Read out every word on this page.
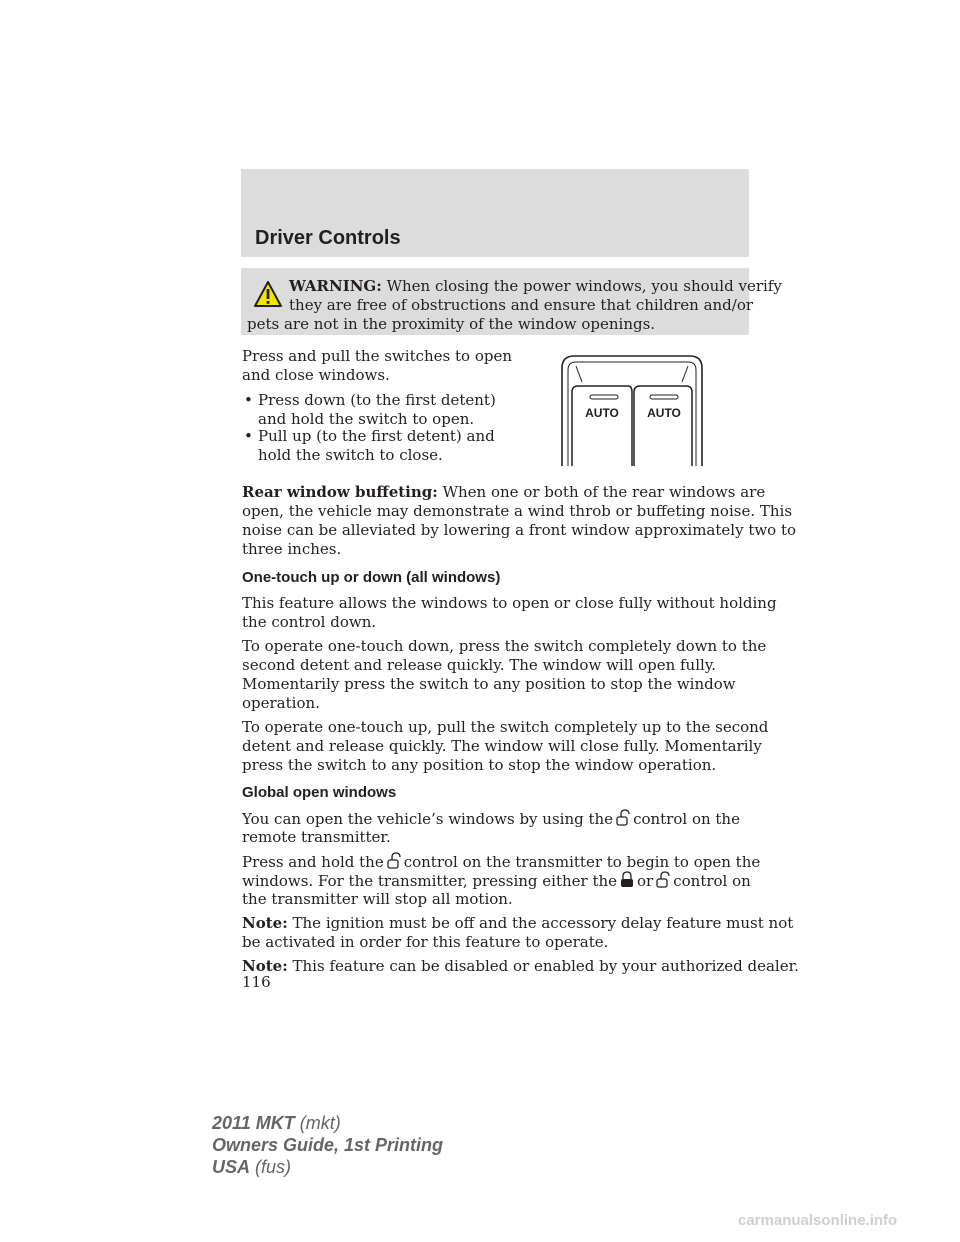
Driver Controls
WARNING: When closing the power windows, you should verify
they are free of obstructions and ensure that children and/or
pets are not in the proximity of the window openings.
Press and pull the switches to open
and close windows.
• Press down (to the first detent)
and hold the switch to open.
• Pull up (to the first detent) and
hold the switch to close.
AUTO AUTO
Rear window buffeting: When one or both of the rear windows are
open, the vehicle may demonstrate a wind throb or buffeting noise. This
noise can be alleviated by lowering a front window approximately two to
three inches.
One-touch up or down (all windows)
This feature allows the windows to open or close fully without holding
the control down.
To operate one-touch down, press the switch completely down to the
second detent and release quickly. The window will open fully.
Momentarily press the switch to any position to stop the window
operation.
To operate one-touch up, pull the switch completely up to the second
detent and release quickly. The window will close fully. Momentarily
press the switch to any position to stop the window operation.
Global open windows
You can open the vehicle’s windows by using the control on the
remote transmitter.
Press and hold the control on the transmitter to begin to open the
windows. For the transmitter, pressing either the or control on
the transmitter will stop all motion.
Note: The ignition must be off and the accessory delay feature must not
be activated in order for this feature to operate.
Note: This feature can be disabled or enabled by your authorized dealer.
116
2011 MKT (mkt)
Owners Guide, 1st Printing
USA (fus)
carmanualsonline.info
